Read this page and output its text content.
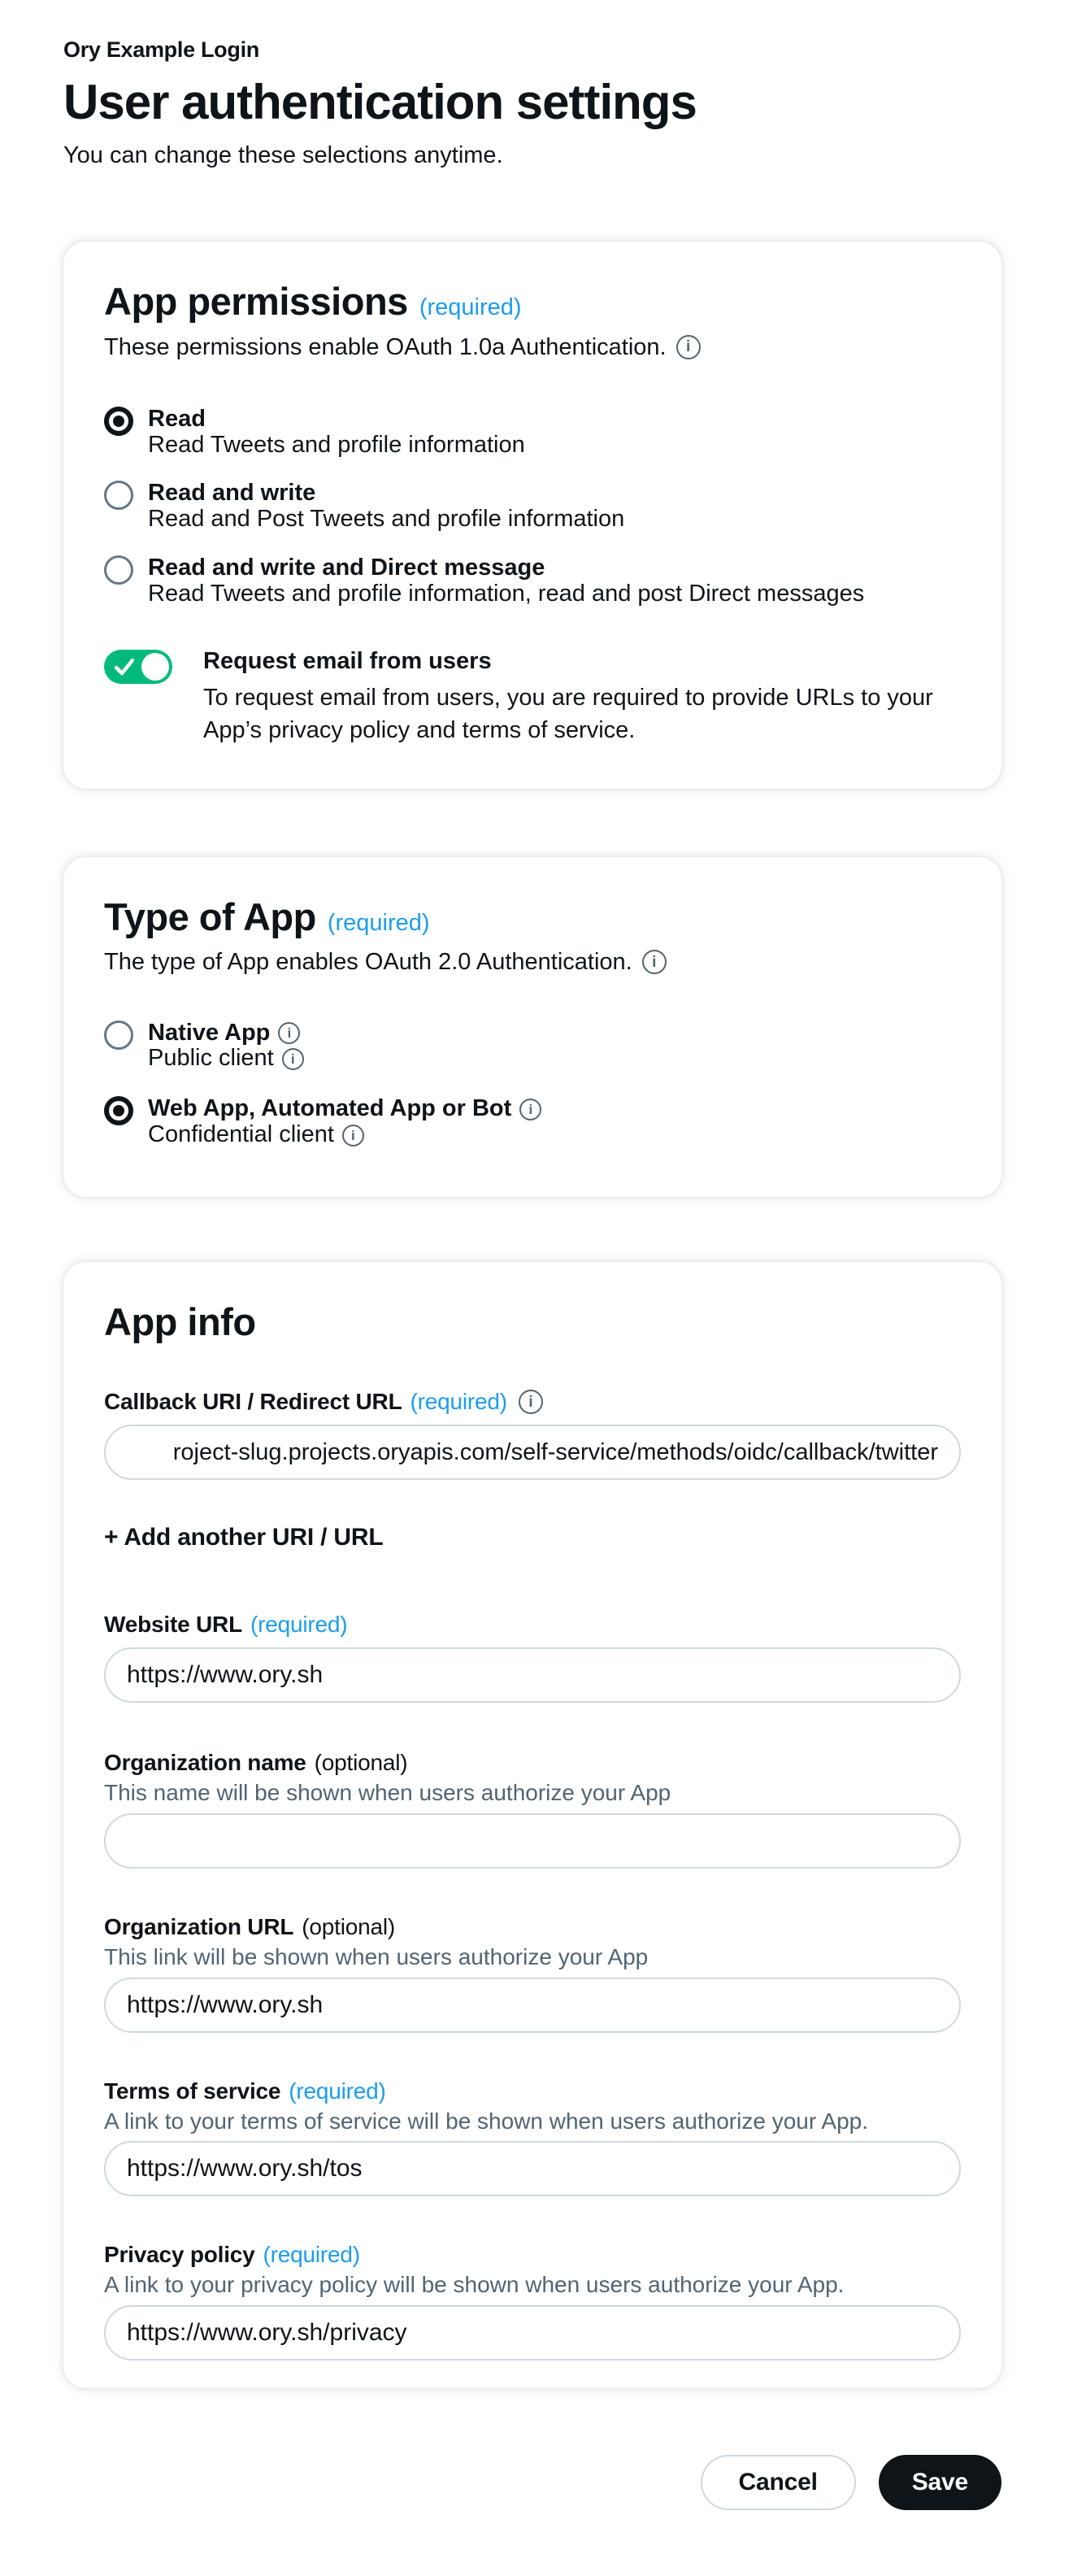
Ory Example Login
User authentication settings

You can change these selections anytime.

App permissions (required)
These permissions enable OAuth 1.0a Authentication.	i
Read
Read Tweets and profile information
Read and write
Read and Post Tweets and profile information
Read and write and Direct message
Read Tweets and profile information, read and post Direct messages
Request email from users
To request email from users, you are required to provide URLs to your App’s privacy policy and terms of service.
Type of App (required)
The type of App enables OAuth 2.0 Authentication.	i
Native App	i
Public client	i
Web App, Automated App or Bot	i
Confidential client	i
App info
Callback URI / Redirect URL (required)	i
roject-slug.projects.oryapis.com/self-service/methods/oidc/callback/twitter
+ Add another URI / URL
Website URL (required)
https://www.ory.sh
Organization name (optional)
This name will be shown when users authorize your App
Organization URL (optional)
This link will be shown when users authorize your App
https://www.ory.sh
Terms of service (required)
A link to your terms of service will be shown when users authorize your App.
https://www.ory.sh/tos
Privacy policy (required)
A link to your privacy policy will be shown when users authorize your App.
https://www.ory.sh/privacy
Cancel	Save
